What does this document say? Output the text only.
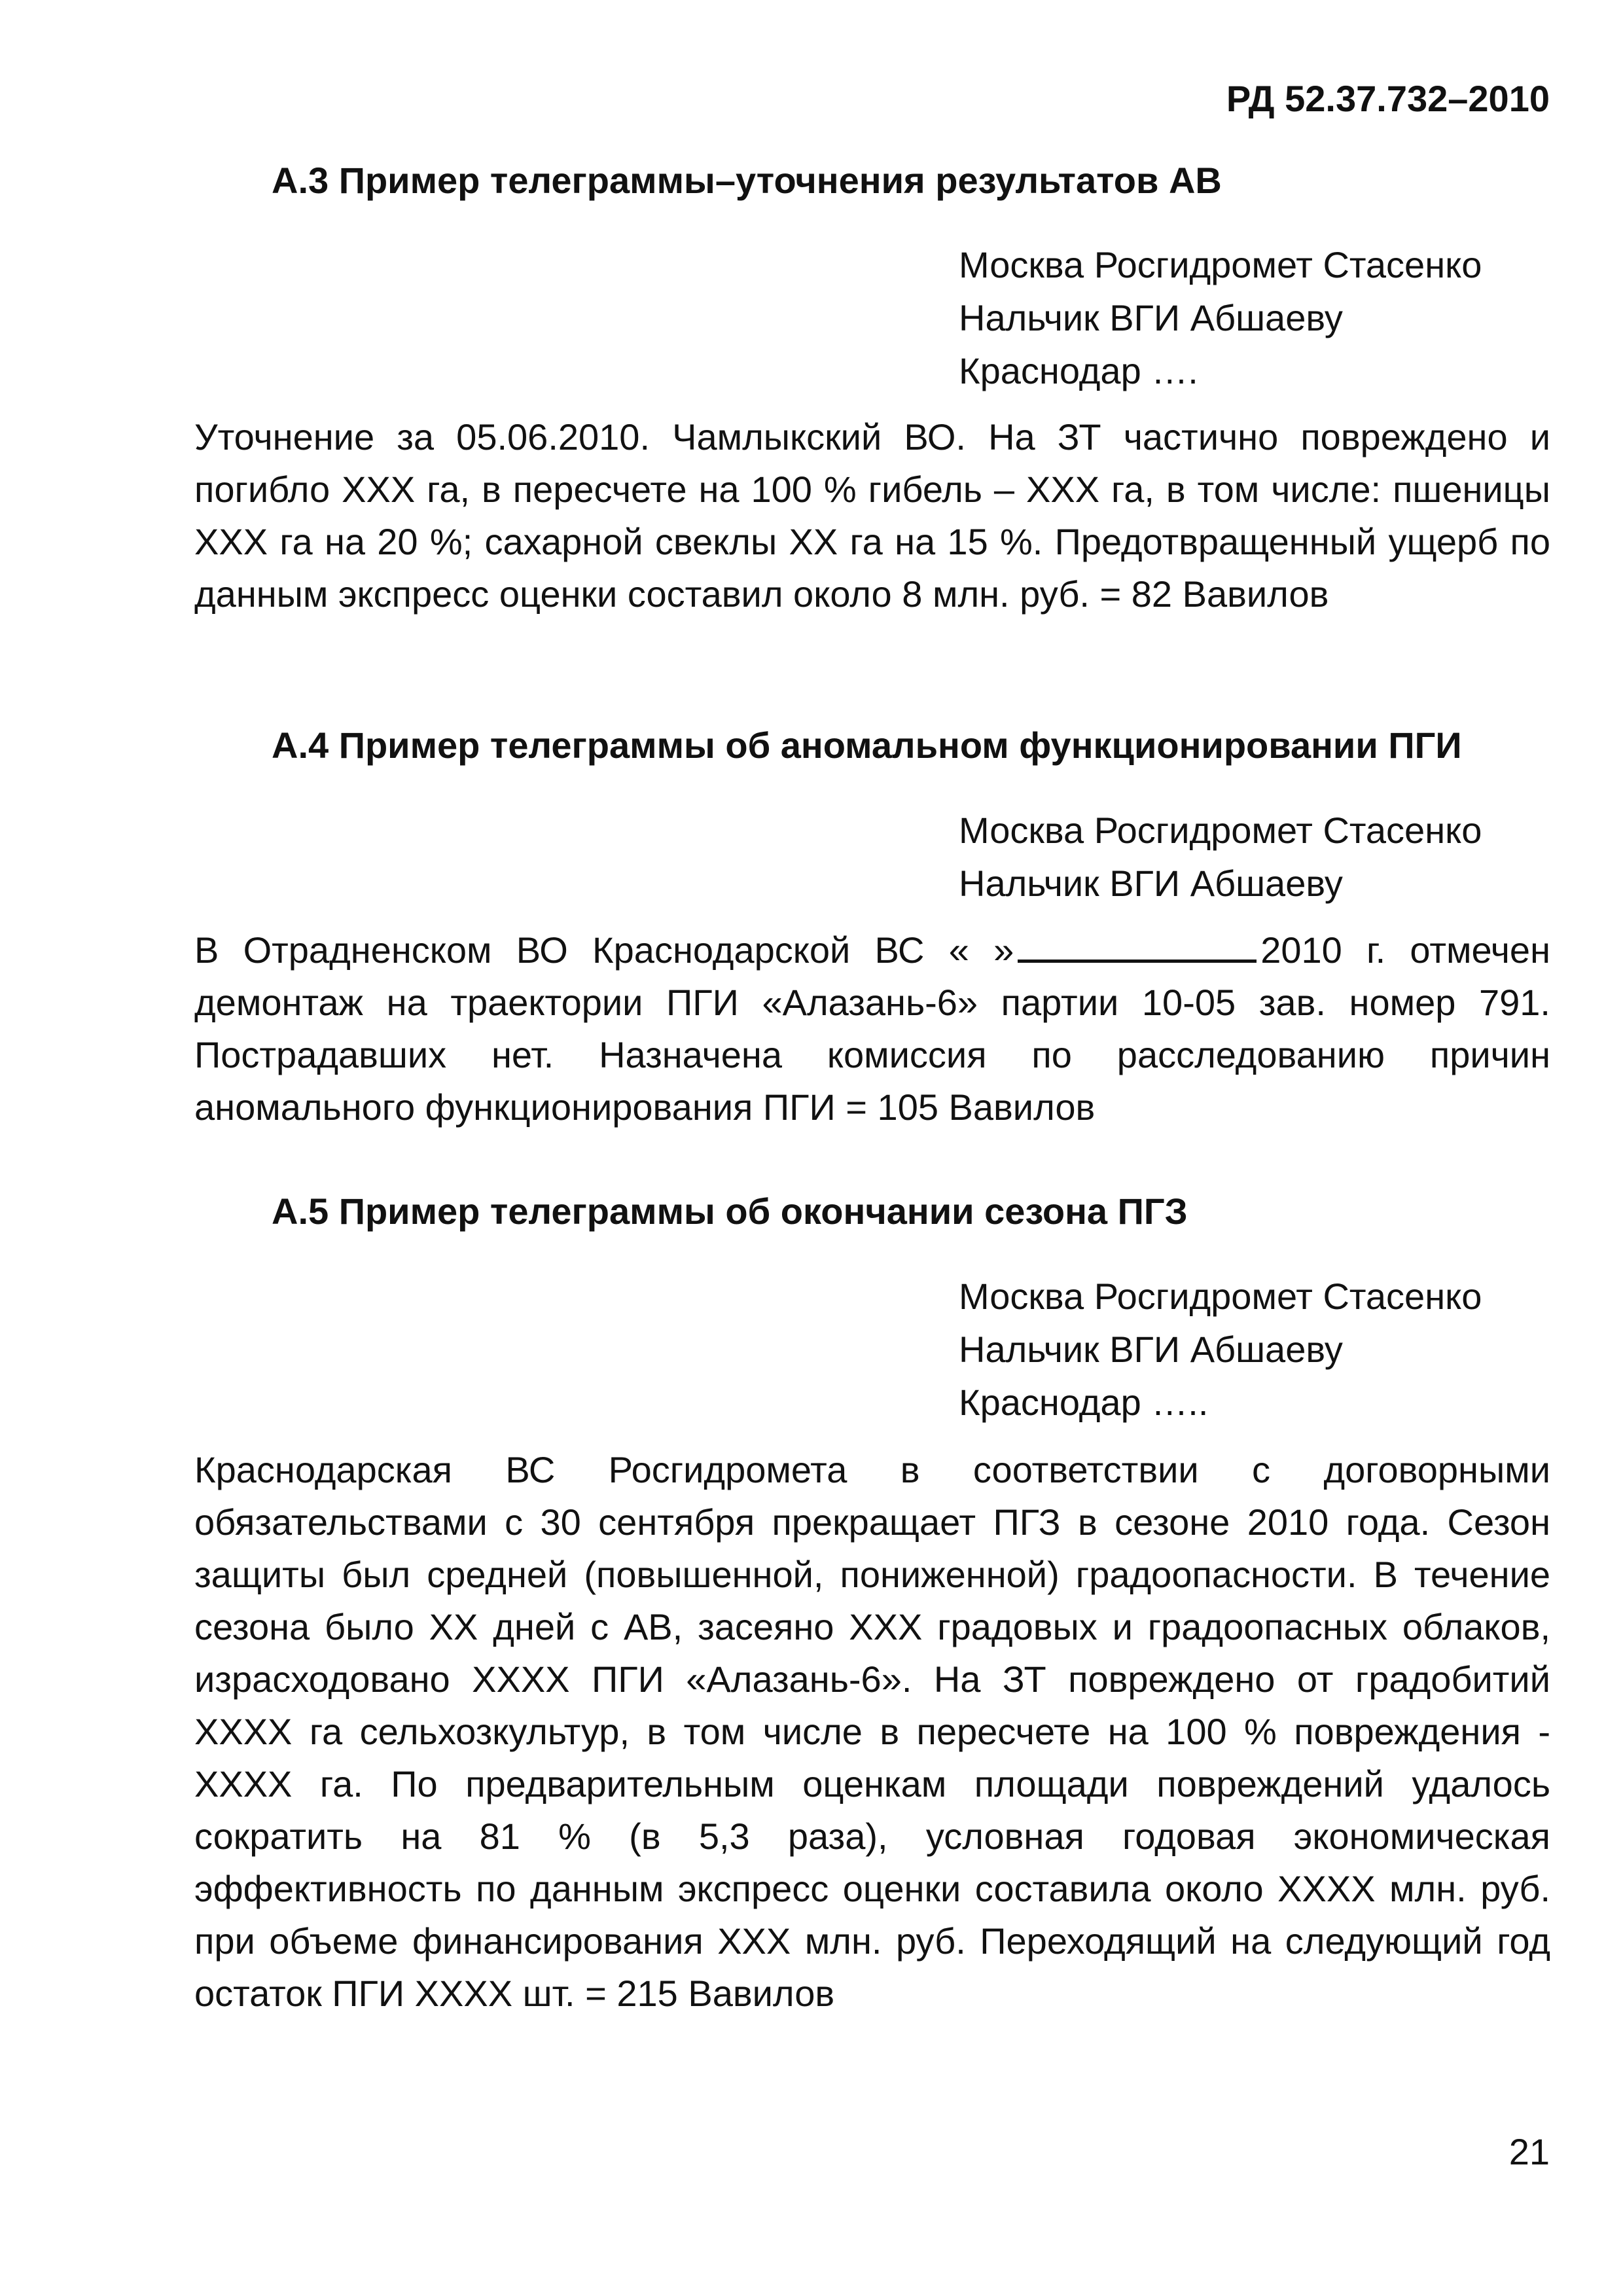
РД 52.37.732–2010
А.3 Пример телеграммы–уточнения результатов АВ
Москва Росгидромет Стасенко
Нальчик ВГИ Абшаеву
Краснодар ….
Уточнение за 05.06.2010. Чамлыкский ВО. На ЗТ частично повреждено и погибло ХХХ га, в пересчете на 100 % гибель – ХХХ га, в том числе: пшеницы ХХХ га на 20 %; сахарной свеклы ХХ га на 15 %. Предотвращенный ущерб по данным экспресс оценки составил около 8 млн. руб. = 82 Вавилов
А.4 Пример телеграммы об аномальном функционировании ПГИ
Москва Росгидромет Стасенко
Нальчик ВГИ Абшаеву
В Отрадненском ВО Краснодарской ВС « »	2010 г. отмечен демонтаж на траектории ПГИ «Алазань-6» партии 10-05 зав. номер 791. Пострадавших нет. Назначена комиссия по расследованию причин аномального функционирования ПГИ = 105 Вавилов
А.5 Пример телеграммы об окончании сезона ПГЗ
Москва Росгидромет Стасенко
Нальчик ВГИ Абшаеву
Краснодар …..
Краснодарская ВС Росгидромета в соответствии с договорными обязательствами с 30 сентября прекращает ПГЗ в сезоне 2010 года. Сезон защиты был средней (повышенной, пониженной) градоопасности. В течение сезона было ХХ дней с АВ, засеяно ХХХ градовых и градоопасных облаков, израсходовано ХХХХ ПГИ «Алазань-6». На ЗТ повреждено от градобитий ХХХХ га сельхозкультур, в том числе в пересчете на 100 % повреждения - ХХХХ га. По предварительным оценкам площади повреждений удалось сократить на 81 % (в 5,3 раза), условная годовая экономическая эффективность по данным экспресс оценки составила около ХХХХ млн. руб. при объеме финансирования ХХХ млн. руб. Переходящий на следующий год остаток ПГИ ХХХХ шт. = 215 Вавилов
21
